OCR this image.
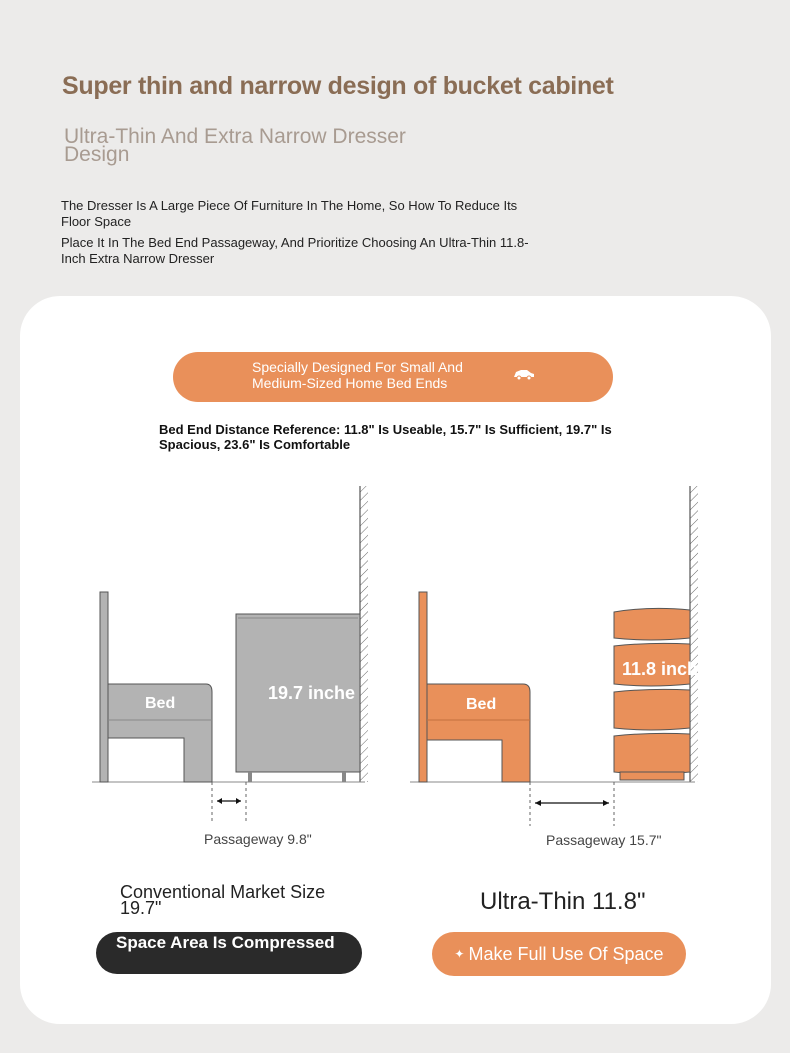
Super thin and narrow design of bucket cabinet
Ultra-Thin And Extra Narrow Dresser Design
The Dresser Is A Large Piece Of Furniture In The Home, So How To Reduce Its Floor Space
Place It In The Bed End Passageway, And Prioritize Choosing An Ultra-Thin 11.8-Inch Extra Narrow Dresser
Specially Designed For Small And Medium-Sized Home Bed Ends
Bed End Distance Reference: 11.8" Is Useable, 15.7" Is Sufficient, 19.7" Is Spacious, 23.6" Is Comfortable
Bed
19.7 inche
Passageway 9.8"
Bed
11.8 inches
Passageway 15.7"
Conventional Market Size 19.7"	Ultra-Thin 11.8"
Space Area Is Compressed
✦ Make Full Use Of Space
